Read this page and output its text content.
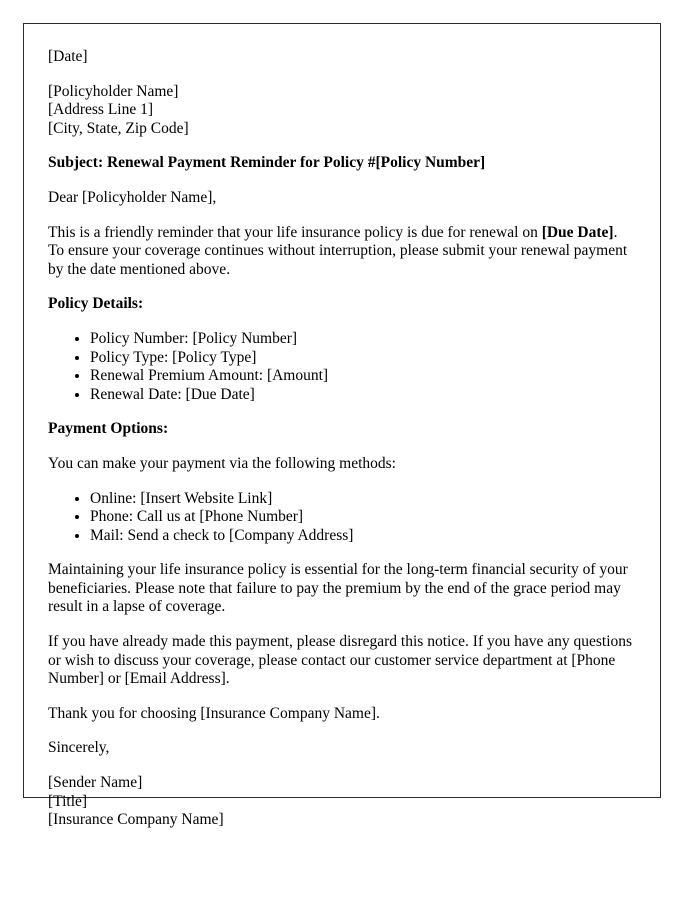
[Date]

[Policyholder Name]

[Address Line 1]

[City, State, Zip Code]

Subject: Renewal Payment Reminder for Policy #[Policy Number]

Dear [Policyholder Name],

This is a friendly reminder that your life insurance policy is due for renewal on [Due Date]. To ensure your coverage continues without interruption, please submit your renewal payment by the date mentioned above.

Policy Details:

• Policy Number: [Policy Number]
• Policy Type: [Policy Type]
• Renewal Premium Amount: [Amount]
• Renewal Date: [Due Date]

Payment Options:

You can make your payment via the following methods:

• Online: [Insert Website Link]
• Phone: Call us at [Phone Number]
• Mail: Send a check to [Company Address]

Maintaining your life insurance policy is essential for the long-term financial security of your beneficiaries. Please note that failure to pay the premium by the end of the grace period may result in a lapse of coverage.

If you have already made this payment, please disregard this notice. If you have any questions or wish to discuss your coverage, please contact our customer service department at [Phone Number] or [Email Address].

Thank you for choosing [Insurance Company Name].

Sincerely,

[Sender Name]

[Title]

[Insurance Company Name]
